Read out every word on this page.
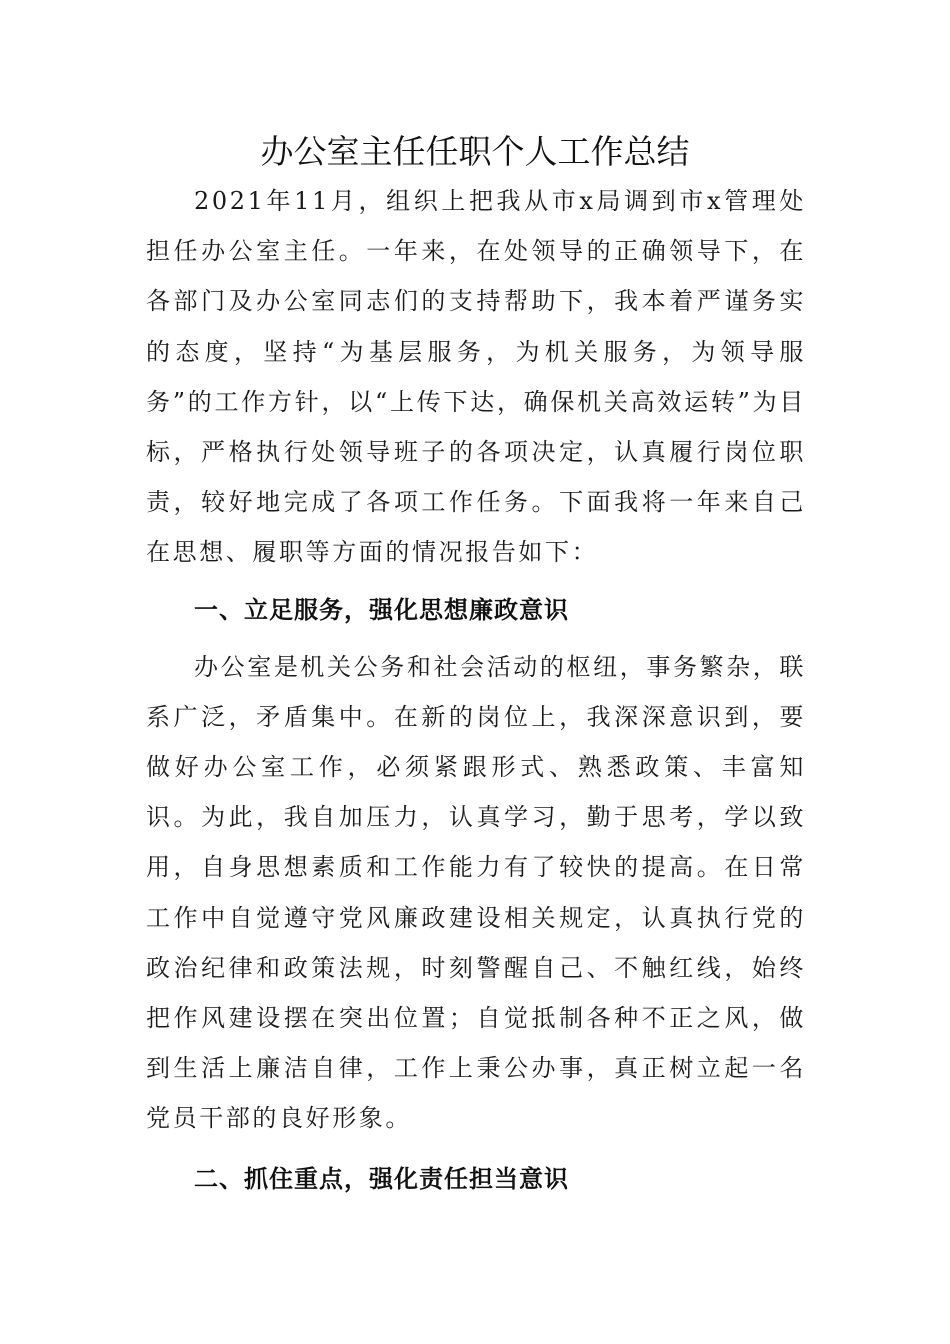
办公室主任任职个人工作总结

2021年11月，组织上把我从市x局调到市x管理处担任办公室主任。一年来，在处领导的正确领导下，在各部门及办公室同志们的支持帮助下，我本着严谨务实的态度，坚持“为基层服务，为机关服务，为领导服务”的工作方针，以“上传下达，确保机关高效运转”为目标，严格执行处领导班子的各项决定，认真履行岗位职责，较好地完成了各项工作任务。下面我将一年来自己在思想、履职等方面的情况报告如下：

一、立足服务，强化思想廉政意识

办公室是机关公务和社会活动的枢纽，事务繁杂，联系广泛，矛盾集中。在新的岗位上，我深深意识到，要做好办公室工作，必须紧跟形式、熟悉政策、丰富知识。为此，我自加压力，认真学习，勤于思考，学以致用，自身思想素质和工作能力有了较快的提高。在日常工作中自觉遵守党风廉政建设相关规定，认真执行党的政治纪律和政策法规，时刻警醒自己、不触红线，始终把作风建设摆在突出位置；自觉抵制各种不正之风，做到生活上廉洁自律，工作上秉公办事，真正树立起一名党员干部的良好形象。

二、抓住重点，强化责任担当意识
